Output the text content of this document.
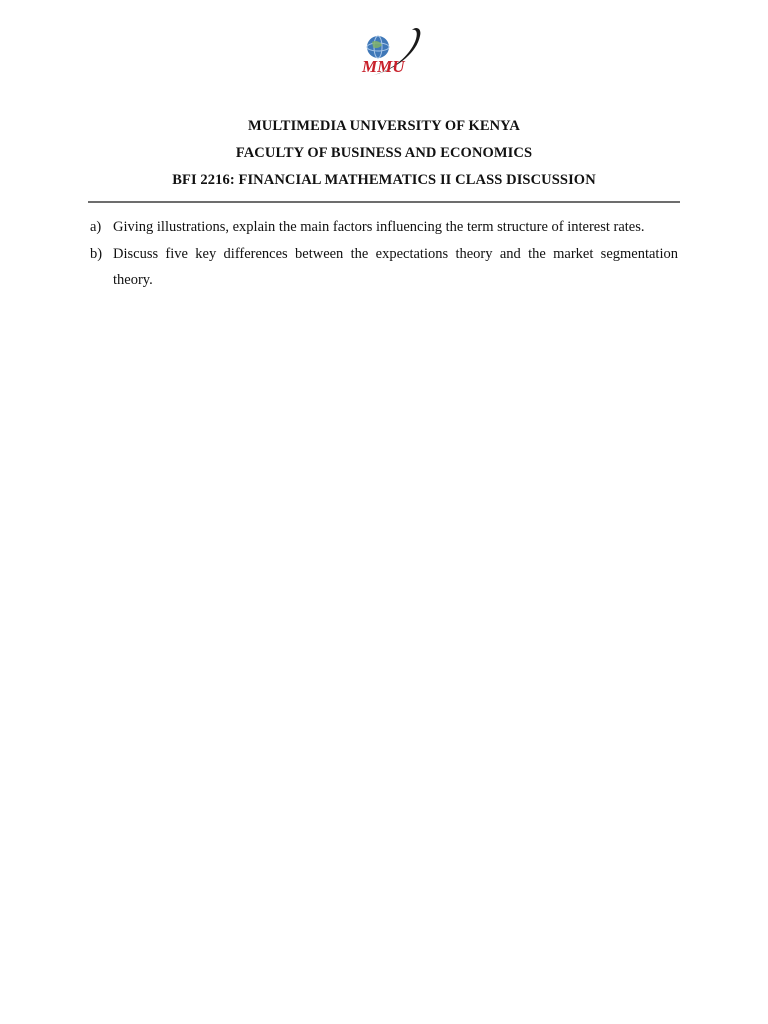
MMU
MULTIMEDIA UNIVERSITY OF KENYA
FACULTY OF BUSINESS AND ECONOMICS
BFI 2216: FINANCIAL MATHEMATICS II CLASS DISCUSSION
a) Giving illustrations, explain the main factors influencing the term structure of interest rates.
b) Discuss five key differences between the expectations theory and the market segmentation theory.
